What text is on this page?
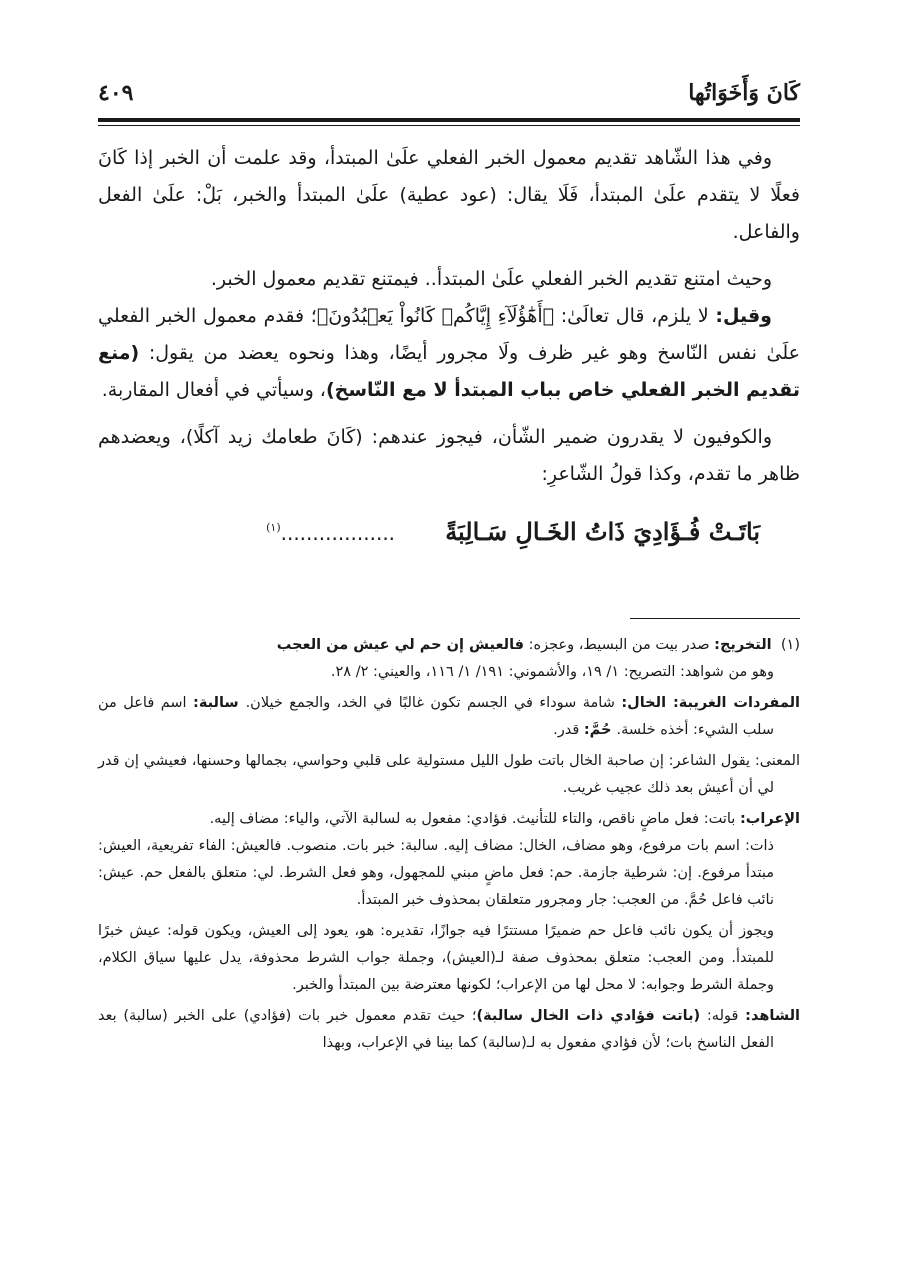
كَانَ وَأَخَوَاتُها
٤٠٩

وفي هذا الشّاهد تقديم معمول الخبر الفعلي علَىٰ المبتدأ، وقد علمت أن الخبر إذا كَانَ فعلًا لا يتقدم علَىٰ المبتدأ، فَلَا يقال: (عود عطية) علَىٰ المبتدأ والخبر، بَلْ: علَىٰ الفعل والفاعل.

وحيث امتنع تقديم الخبر الفعلي علَىٰ المبتدأ.. فيمتنع تقديم معمول الخبر.

وقيل: لا يلزم، قال تعالَىٰ: ﴿أَهَٰٓؤُلَآءِ إِيَّاكُمۡ كَانُواْ يَعۡبُدُونَ﴾؛ فقدم معمول الخبر الفعلي علَىٰ نفس النّاسخ وهو غير ظرف ولَا مجرور أيضًا، وهذا ونحوه يعضد من يقول: (منع تقديم الخبر الفعلي خاص بباب المبتدأ لا مع النّاسخ)، وسيأتي في أفعال المقاربة.

والكوفيون لا يقدرون ضمير الشّأن، فيجوز عندهم: (كَانَ طعامك زيد آكلًا)، ويعضدهم ظاهر ما تقدم، وكذا قولُ الشّاعرِ:

بَاتَـتْ فُـؤَادِيَ ذَاتُ الخَـالِ سَـالِبَةً      ..................$^{(١)}$

(١)  التخريج: صدر بيت من البسيط، وعجزه: فالعيش إن حم لي عيش من العجب

وهو من شواهد: التصريح: ١/ ١٩، والأشموني: ١٩١/ ١/ ١١٦، والعيني: ٢/ ٢٨.

المفردات الغريبة: الخال: شامة سوداء في الجسم تكون غالبًا في الخد، والجمع خيلان. سالبة: اسم فاعل من سلب الشيء: أخذه خلسة. حُمَّ: قدر.

المعنى: يقول الشاعر: إن صاحبة الخال باتت طول الليل مستولية على قلبي وحواسي، بجمالها وحسنها، فعيشي إن قدر لي أن أعيش بعد ذلك عجيب غريب.

الإعراب: باتت: فعل ماضٍ ناقص، والتاء للتأنيث. فؤادي: مفعول به لسالبة الآتي، والياء: مضاف إليه.

ذات: اسم بات مرفوع، وهو مضاف، الخال: مضاف إليه. سالبة: خبر بات. منصوب. فالعيش: الفاء تفريعية، العيش: مبتدأ مرفوع. إن: شرطية جازمة. حم: فعل ماضٍ مبني للمجهول، وهو فعل الشرط. لي: متعلق بالفعل حم. عيش: نائب فاعل حُمَّ. من العجب: جار ومجرور متعلقان بمحذوف خبر المبتدأ.

ويجوز أن يكون نائب فاعل حم ضميرًا مستترًا فيه جوازًا، تقديره: هو، يعود إلى العيش، ويكون قوله: عيش خبرًا للمبتدأ. ومن العجب: متعلق بمحذوف صفة لـ(العيش)، وجملة جواب الشرط محذوفة، يدل عليها سياق الكلام، وجملة الشرط وجوابه: لا محل لها من الإعراب؛ لكونها معترضة بين المبتدأ والخبر.

الشاهد: قوله: (باتت فؤادي ذات الخال سالبة)؛ حيث تقدم معمول خبر بات (فؤادي) على الخبر (سالبة) بعد الفعل الناسخ بات؛ لأن فؤادي مفعول به لـ(سالبة) كما بينا في الإعراب، وبهذا
